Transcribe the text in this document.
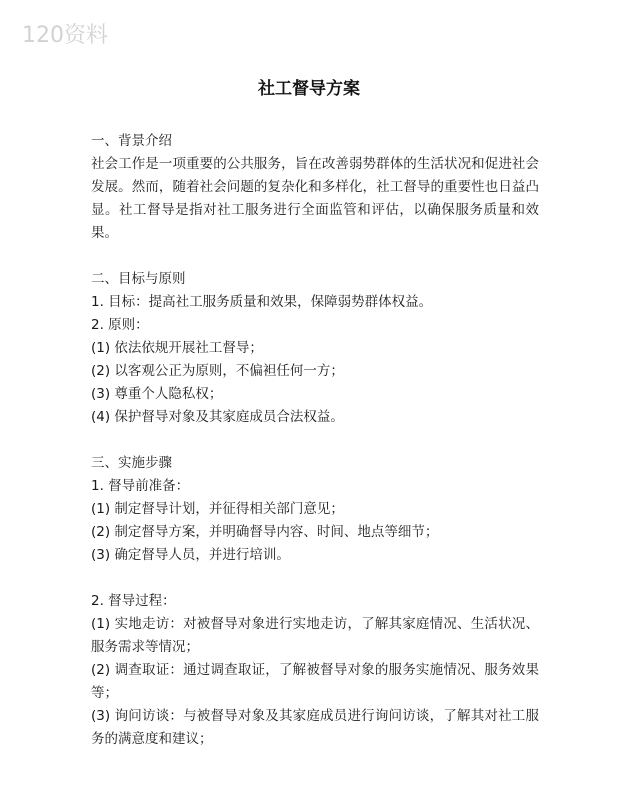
120资料
社工督导方案
一、背景介绍
社会工作是一项重要的公共服务，旨在改善弱势群体的生活状况和促进社会发展。然而，随着社会问题的复杂化和多样化，社工督导的重要性也日益凸显。社工督导是指对社工服务进行全面监管和评估，以确保服务质量和效果。
二、目标与原则
1. 目标：提高社工服务质量和效果，保障弱势群体权益。
2. 原则：
(1) 依法依规开展社工督导；
(2) 以客观公正为原则，不偏袒任何一方；
(3) 尊重个人隐私权；
(4) 保护督导对象及其家庭成员合法权益。
三、实施步骤
1. 督导前准备：
(1) 制定督导计划，并征得相关部门意见；
(2) 制定督导方案，并明确督导内容、时间、地点等细节；
(3) 确定督导人员，并进行培训。
2. 督导过程：
(1) 实地走访：对被督导对象进行实地走访，了解其家庭情况、生活状况、服务需求等情况；
(2) 调查取证：通过调查取证，了解被督导对象的服务实施情况、服务效果等；
(3) 询问访谈：与被督导对象及其家庭成员进行询问访谈，了解其对社工服务的满意度和建议；
